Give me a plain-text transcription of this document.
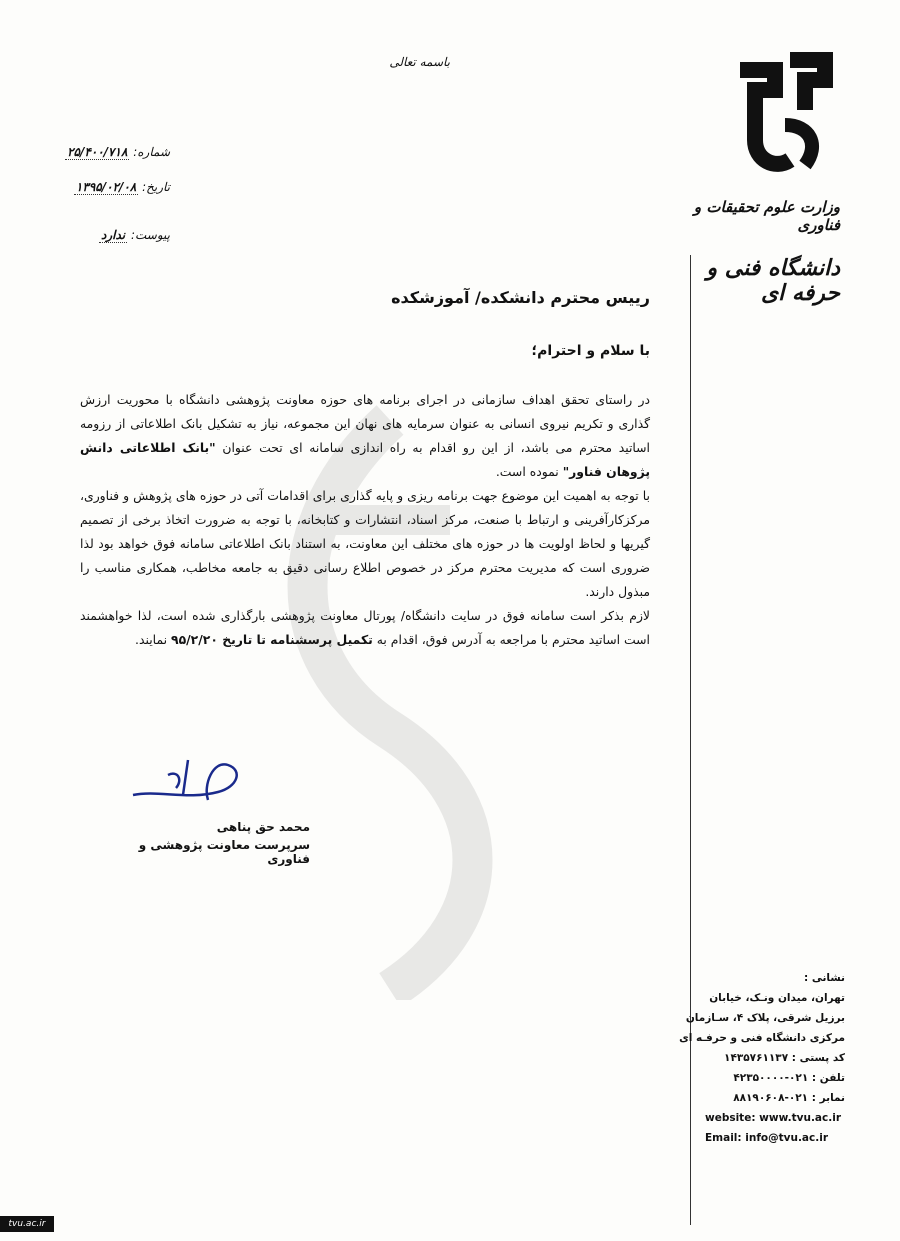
وزارت علوم تحقیقات و فناوری
دانشگاه فنی و حرفه ای
باسمه تعالی
شماره: ۲۵/۴۰۰/۷۱۸
تاریخ: ۱۳۹۵/۰۲/۰۸
پیوست: ندارد
رییس محترم دانشکده/ آموزشکده
با سلام و احترام؛

در راستای تحقق اهداف سازمانی در اجرای برنامه های حوزه معاونت پژوهشی دانشگاه با محوریت ارزش گذاری و تکریم نیروی انسانی به عنوان سرمایه های نهان این مجموعه، نیاز به تشکیل بانک اطلاعاتی از رزومه اساتید محترم می باشد، از این رو اقدام به راه اندازی سامانه ای تحت عنوان "بانک اطلاعاتی دانش پژوهان فناور" نموده است.

با توجه به اهمیت این موضوع جهت برنامه ریزی و پایه گذاری برای اقدامات آتی در حوزه های پژوهش و فناوری، مرکزکارآفرینی و ارتباط با صنعت، مرکز اسناد، انتشارات و کتابخانه، با توجه به ضرورت اتخاذ برخی از تصمیم گیریها و لحاظ اولویت ها در حوزه های مختلف این معاونت، به استناد بانک اطلاعاتی سامانه فوق خواهد بود لذا ضروری است که مدیریت محترم مرکز در خصوص اطلاع رسانی دقیق به جامعه مخاطب، همکاری مناسب را مبذول دارند.

لازم بذکر است سامانه فوق در سایت دانشگاه/ پورتال معاونت پژوهشی بارگذاری شده است، لذا خواهشمند است اساتید محترم با مراجعه به آدرس فوق، اقدام به تکمیل پرسشنامه تا تاریخ ۹۵/۲/۲۰ نمایند.

محمد حق پناهی
سرپرست معاونت پژوهشی و فناوری
نشانی :
تهران، میدان ونـک، خیابان
برزیل شرقی، پلاک ۴، سـازمان
مرکزی دانشگاه فنی و حرفـه ای
کد پستی : ۱۴۳۵۷۶۱۱۳۷
تلفن : ۰۲۱-۴۲۳۵۰۰۰۰
نمابر : ۰۲۱-۸۸۱۹۰۶۰۸
website: www.tvu.ac.ir
Email: info@tvu.ac.ir
tvu.ac.ir
